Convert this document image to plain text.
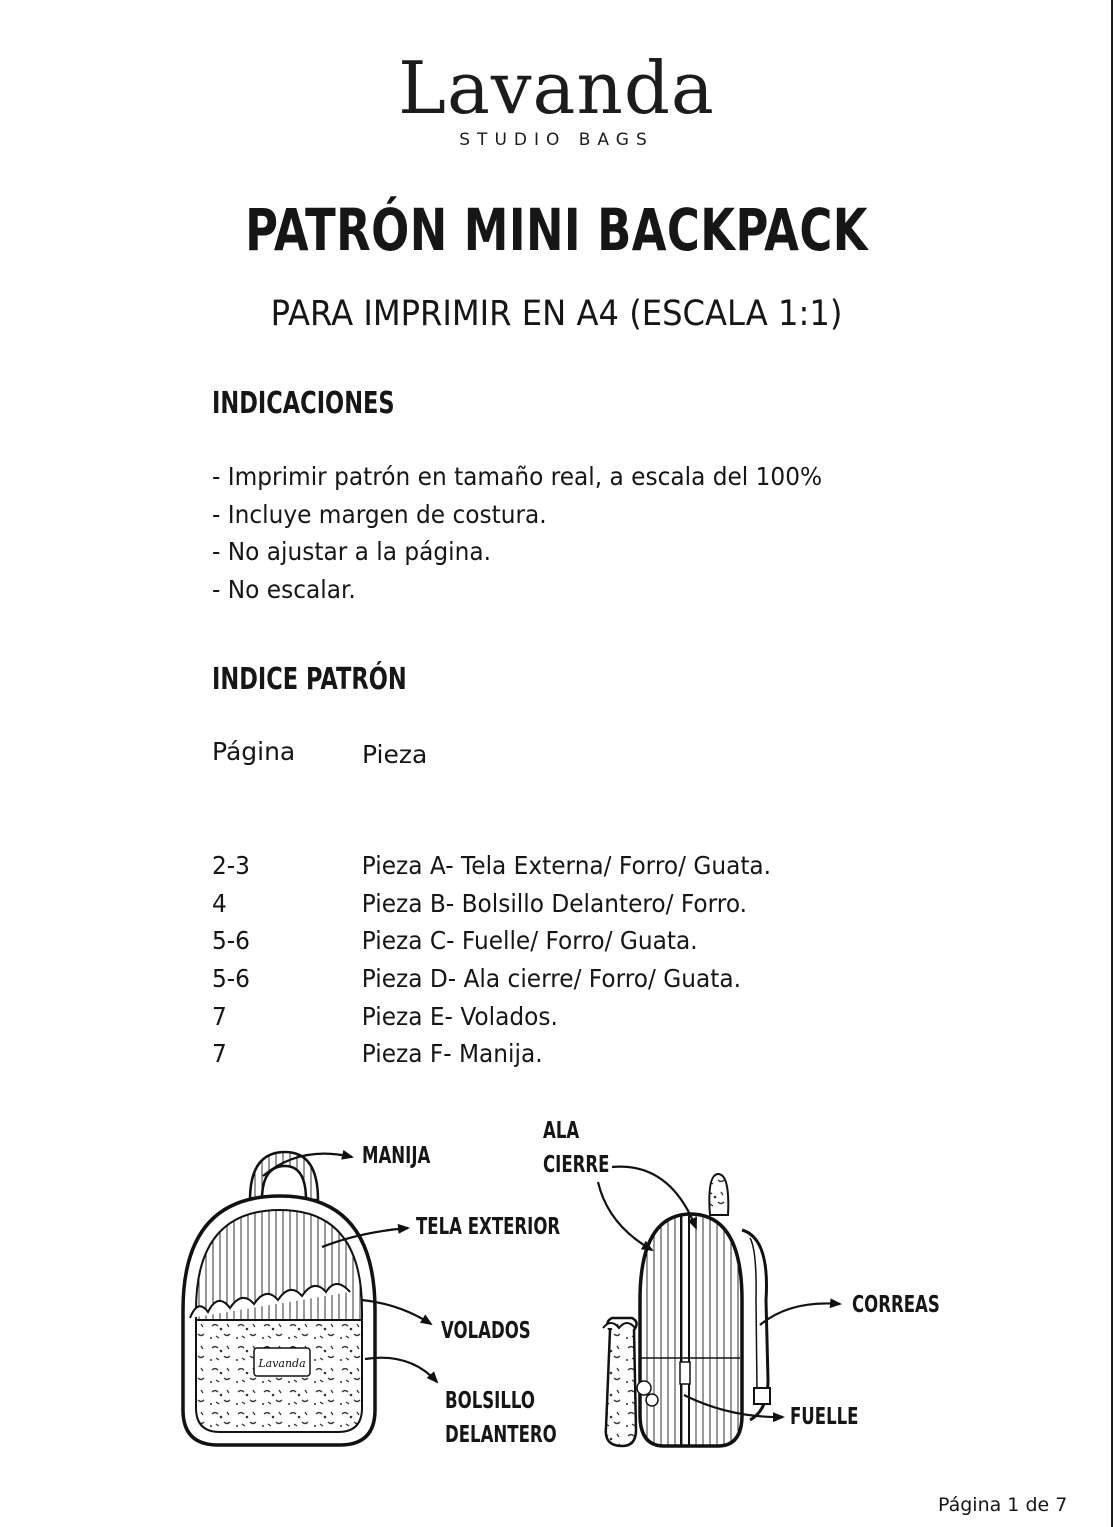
Lavanda
STUDIO BAGS
PATRÓN MINI BACKPACK
PARA IMPRIMIR EN A4 (ESCALA 1:1)
INDICACIONES
- Imprimir patrón en tamaño real, a escala del 100%
- Incluye margen de costura.
- No ajustar a la página.
- No escalar.
INDICE PATRÓN
Página	Pieza
2-3	Pieza A- Tela Externa/ Forro/ Guata.
4	Pieza B- Bolsillo Delantero/ Forro.
5-6	Pieza C- Fuelle/ Forro/ Guata.
5-6	Pieza D- Ala cierre/ Forro/ Guata.
7	Pieza E- Volados.
7	Pieza F- Manija.
Lavanda
MANIJA
TELA EXTERIOR
VOLADOS
BOLSILLO
DELANTERO
ALA
CIERRE
CORREAS
FUELLE
Página 1 de 7
